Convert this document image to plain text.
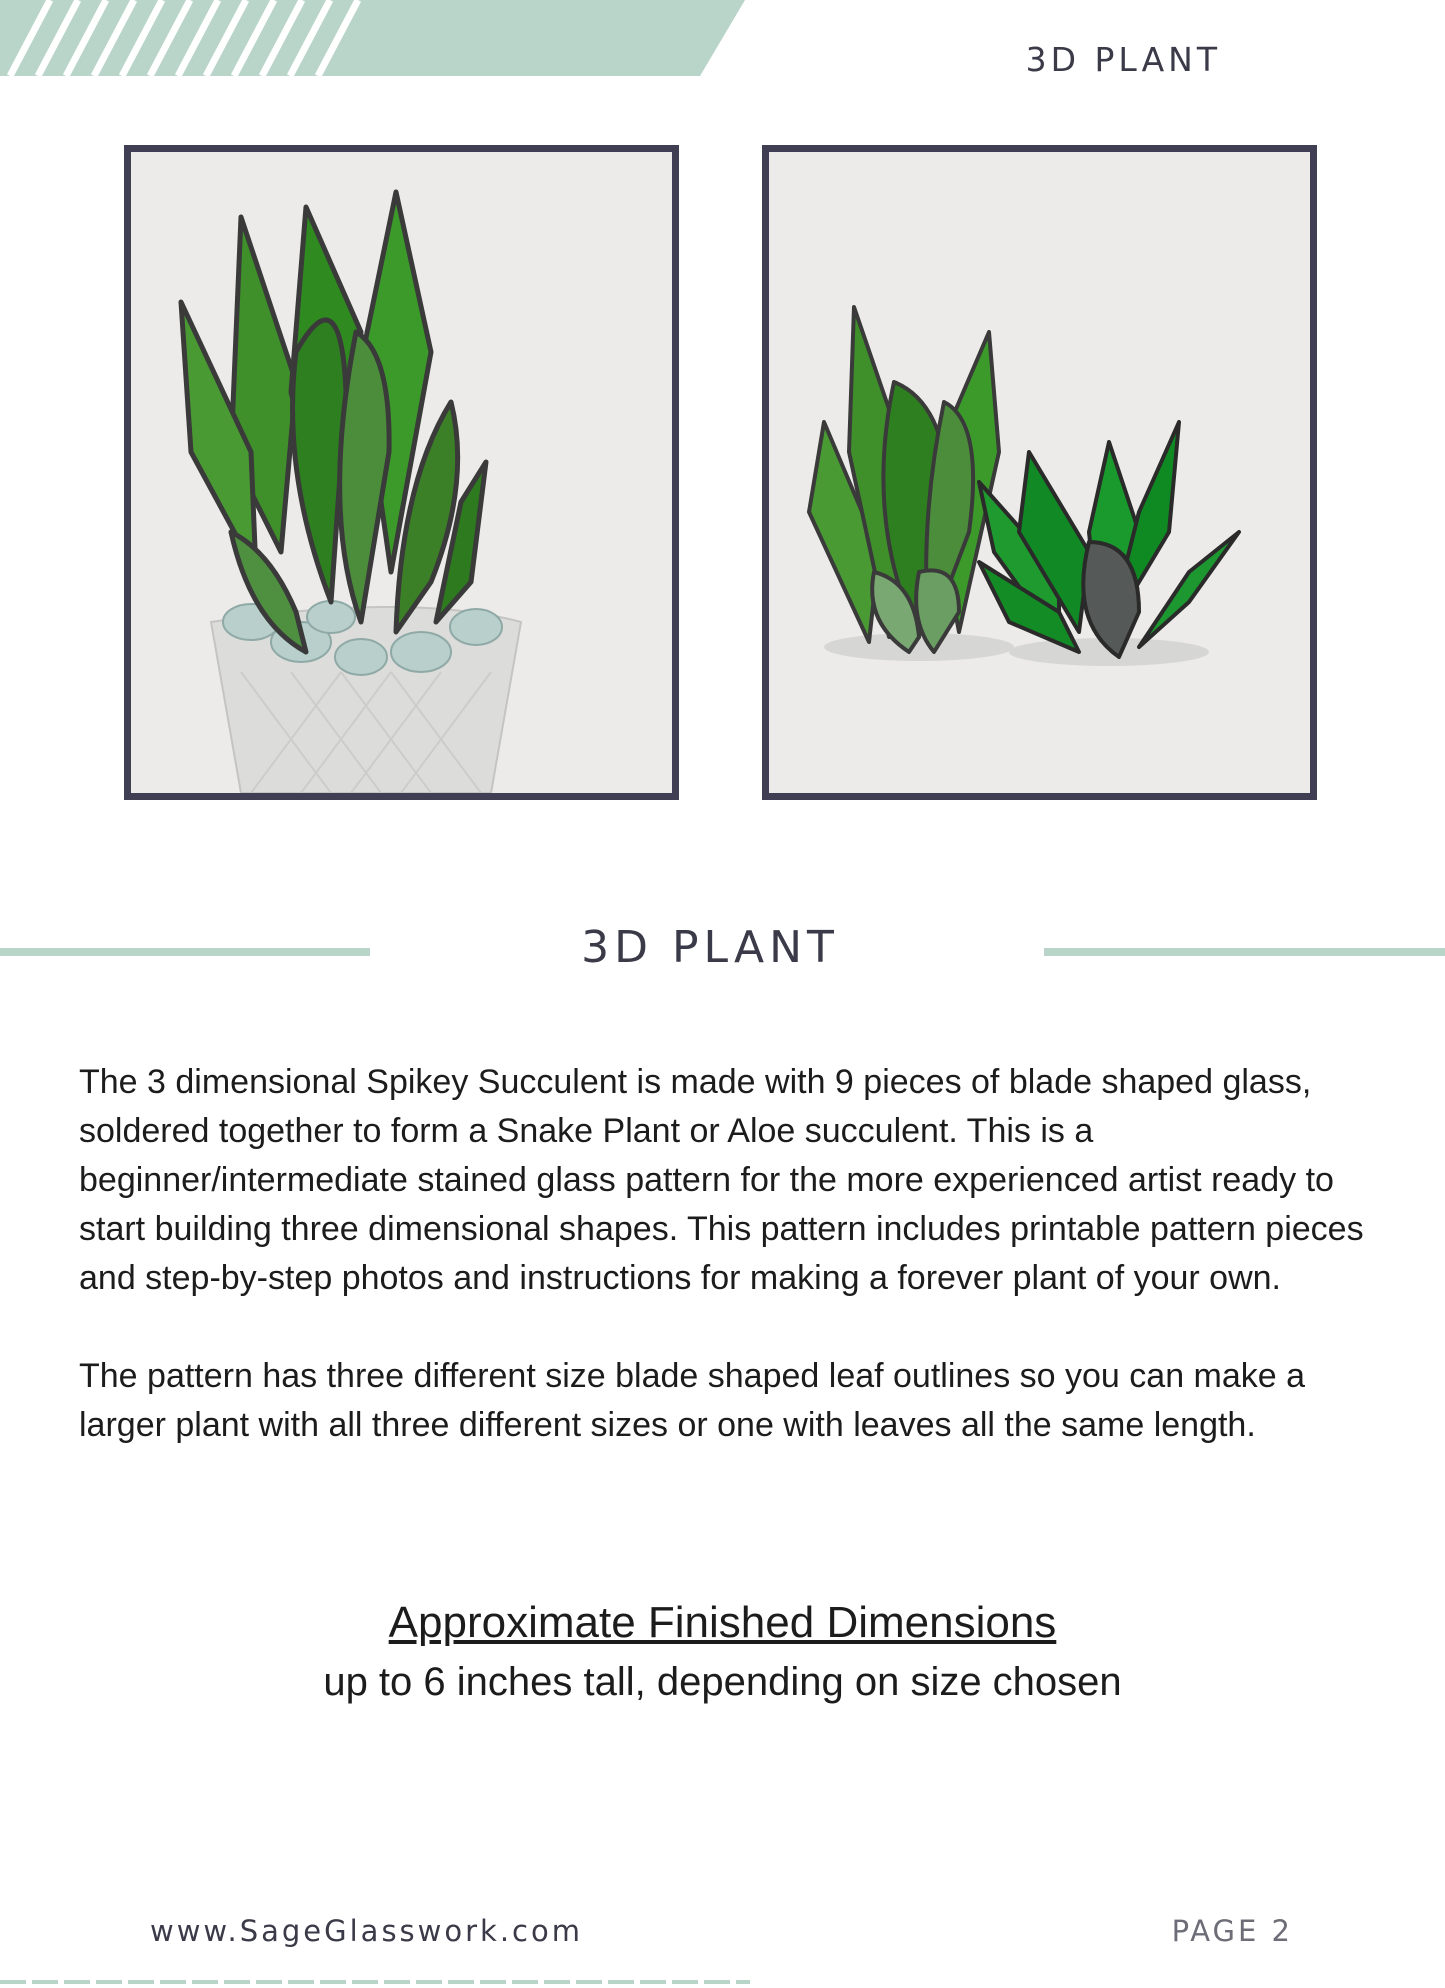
3D PLANT
3D PLANT

The 3 dimensional Spikey Succulent is made with 9 pieces of blade shaped glass, soldered together to form a Snake Plant or Aloe succulent. This is a beginner/intermediate stained glass pattern for the more experienced artist ready to start building three dimensional shapes. This pattern includes printable pattern pieces and step-by-step photos and instructions for making a forever plant of your own.

The pattern has three different size blade shaped leaf outlines so you can make a larger plant with all three different sizes or one with leaves all the same length.

Approximate Finished Dimensions
up to 6 inches tall, depending on size chosen
www.SageGlasswork.com	PAGE 2
